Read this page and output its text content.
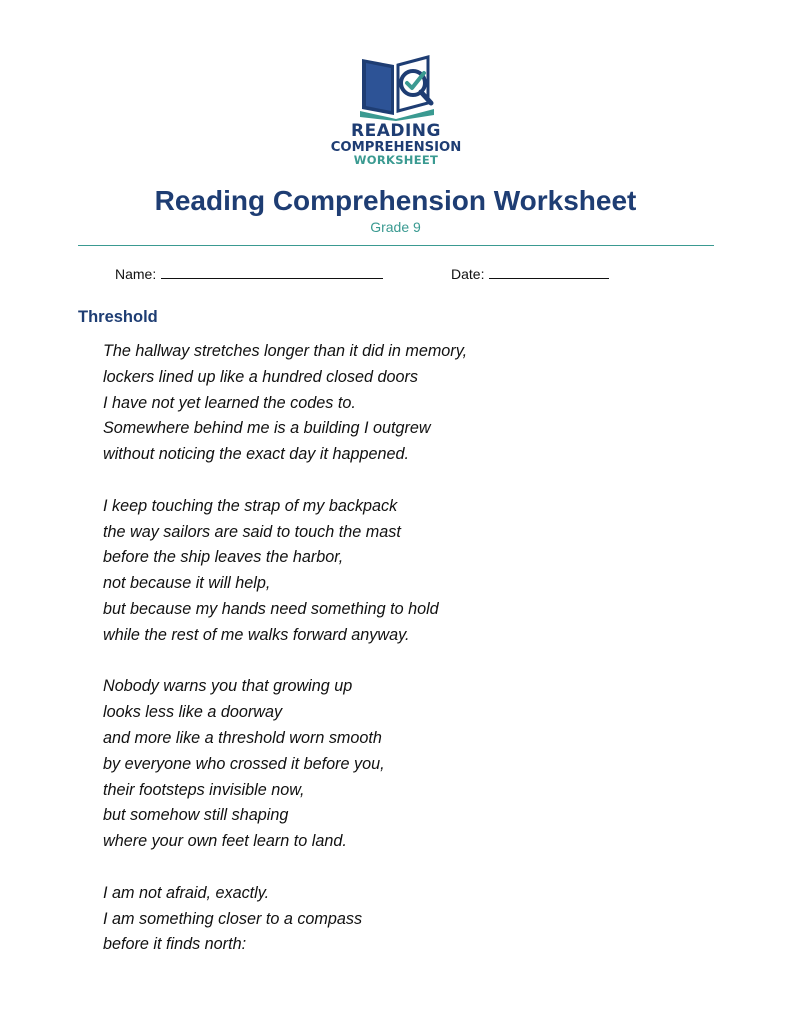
READING
COMPREHENSION
WORKSHEET
Reading Comprehension Worksheet
Grade 9
Name:	Date:
Threshold
The hallway stretches longer than it did in memory,
lockers lined up like a hundred closed doors
I have not yet learned the codes to.
Somewhere behind me is a building I outgrew
without noticing the exact day it happened.
I keep touching the strap of my backpack
the way sailors are said to touch the mast
before the ship leaves the harbor,
not because it will help,
but because my hands need something to hold
while the rest of me walks forward anyway.
Nobody warns you that growing up
looks less like a doorway
and more like a threshold worn smooth
by everyone who crossed it before you,
their footsteps invisible now,
but somehow still shaping
where your own feet learn to land.
I am not afraid, exactly.
I am something closer to a compass
before it finds north:
